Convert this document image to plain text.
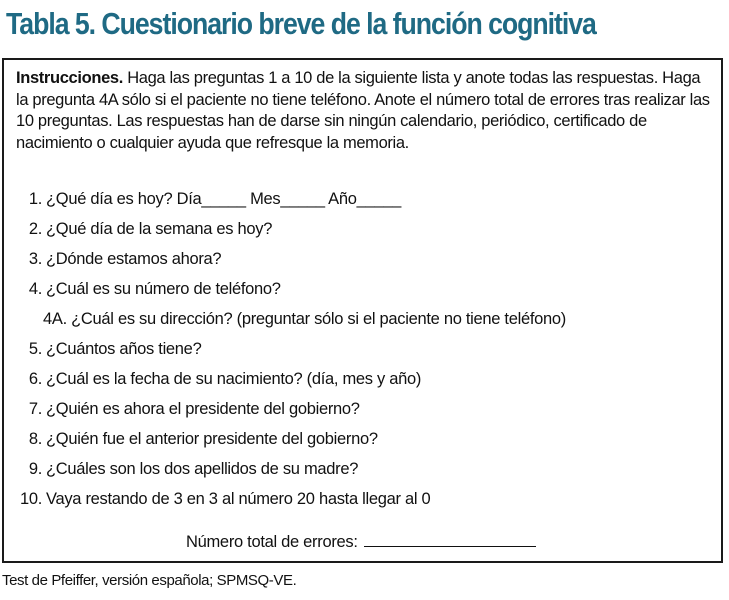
Tabla 5. Cuestionario breve de la función cognitiva

Instrucciones. Haga las preguntas 1 a 10 de la siguiente lista y anote todas las respuestas. Haga la pregunta 4A sólo si el paciente no tiene teléfono. Anote el número total de errores tras realizar las 10 preguntas. Las respuestas han de darse sin ningún calendario, periódico, certificado de nacimiento o cualquier ayuda que refresque la memoria.

1. ¿Qué día es hoy? Día_____ Mes_____ Año_____
2. ¿Qué día de la semana es hoy?
3. ¿Dónde estamos ahora?
4. ¿Cuál es su número de teléfono?
4A. ¿Cuál es su dirección? (preguntar sólo si el paciente no tiene teléfono)
5. ¿Cuántos años tiene?
6. ¿Cuál es la fecha de su nacimiento? (día, mes y año)
7. ¿Quién es ahora el presidente del gobierno?
8. ¿Quién fue el anterior presidente del gobierno?
9. ¿Cuáles son los dos apellidos de su madre?
10. Vaya restando de 3 en 3 al número 20 hasta llegar al 0
Número total de errores:
Test de Pfeiffer, versión española; SPMSQ-VE.
